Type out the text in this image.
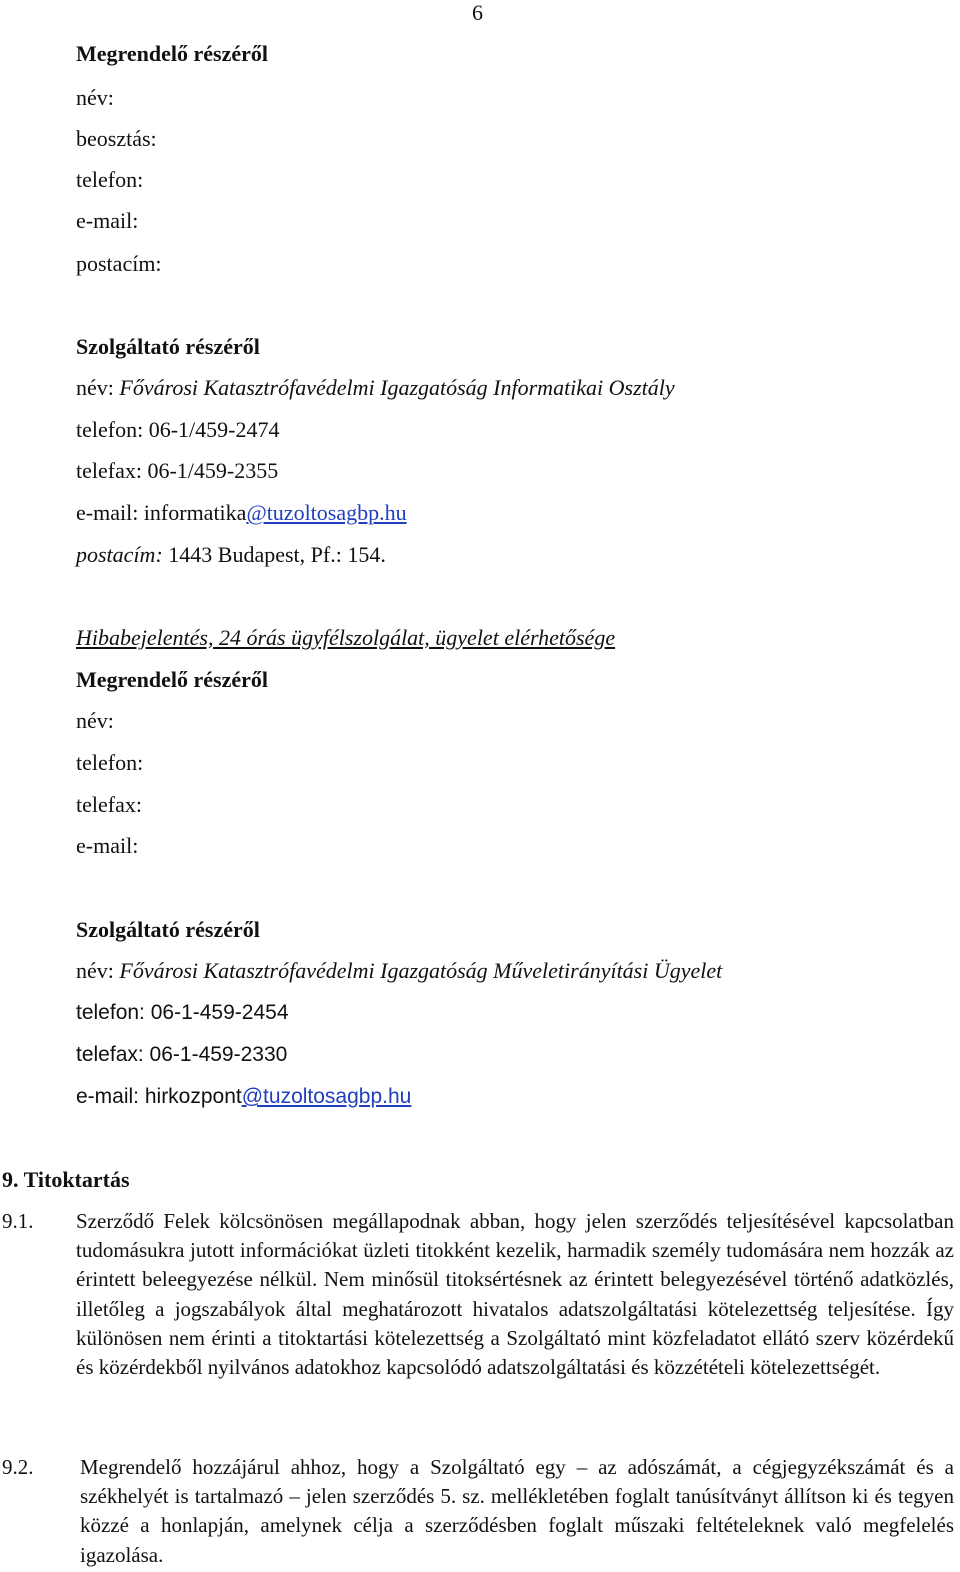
6
Megrendelő részéről
név:
beosztás:
telefon:
e-mail:
postacím:
Szolgáltató részéről
név: Fővárosi Katasztrófavédelmi Igazgatóság Informatikai Osztály
telefon: 06-1/459-2474
telefax: 06-1/459-2355
e-mail: informatika@tuzoltosagbp.hu
postacím: 1443 Budapest, Pf.: 154.
Hibabejelentés, 24 órás ügyfélszolgálat, ügyelet elérhetősége
Megrendelő részéről
név:
telefon:
telefax:
e-mail:
Szolgáltató részéről
név: Fővárosi Katasztrófavédelmi Igazgatóság Műveletirányítási Ügyelet
telefon: 06-1-459-2454
telefax: 06-1-459-2330
e-mail: hirkozpont@tuzoltosagbp.hu
9. Titoktartás
9.1. Szerződő Felek kölcsönösen megállapodnak abban, hogy jelen szerződés teljesítésével kapcsolatban tudomásukra jutott információkat üzleti titokként kezelik, harmadik személy tudomására nem hozzák az érintett beleegyezése nélkül. Nem minősül titoksértésnek az érintett belegyezésével történő adatközlés, illetőleg a jogszabályok által meghatározott hivatalos adatszolgáltatási kötelezettség teljesítése. Így különösen nem érinti a titoktartási kötelezettség a Szolgáltató mint közfeladatot ellátó szerv közérdekű és közérdekből nyilvános adatokhoz kapcsolódó adatszolgáltatási és közzétételi kötelezettségét.
9.2. Megrendelő hozzájárul ahhoz, hogy a Szolgáltató egy – az adószámát, a cégjegyzékszámát és a székhelyét is tartalmazó – jelen szerződés 5. sz. mellékletében foglalt tanúsítványt állítson ki és tegyen közzé a honlapján, amelynek célja a szerződésben foglalt műszaki feltételeknek való megfelelés igazolása.
